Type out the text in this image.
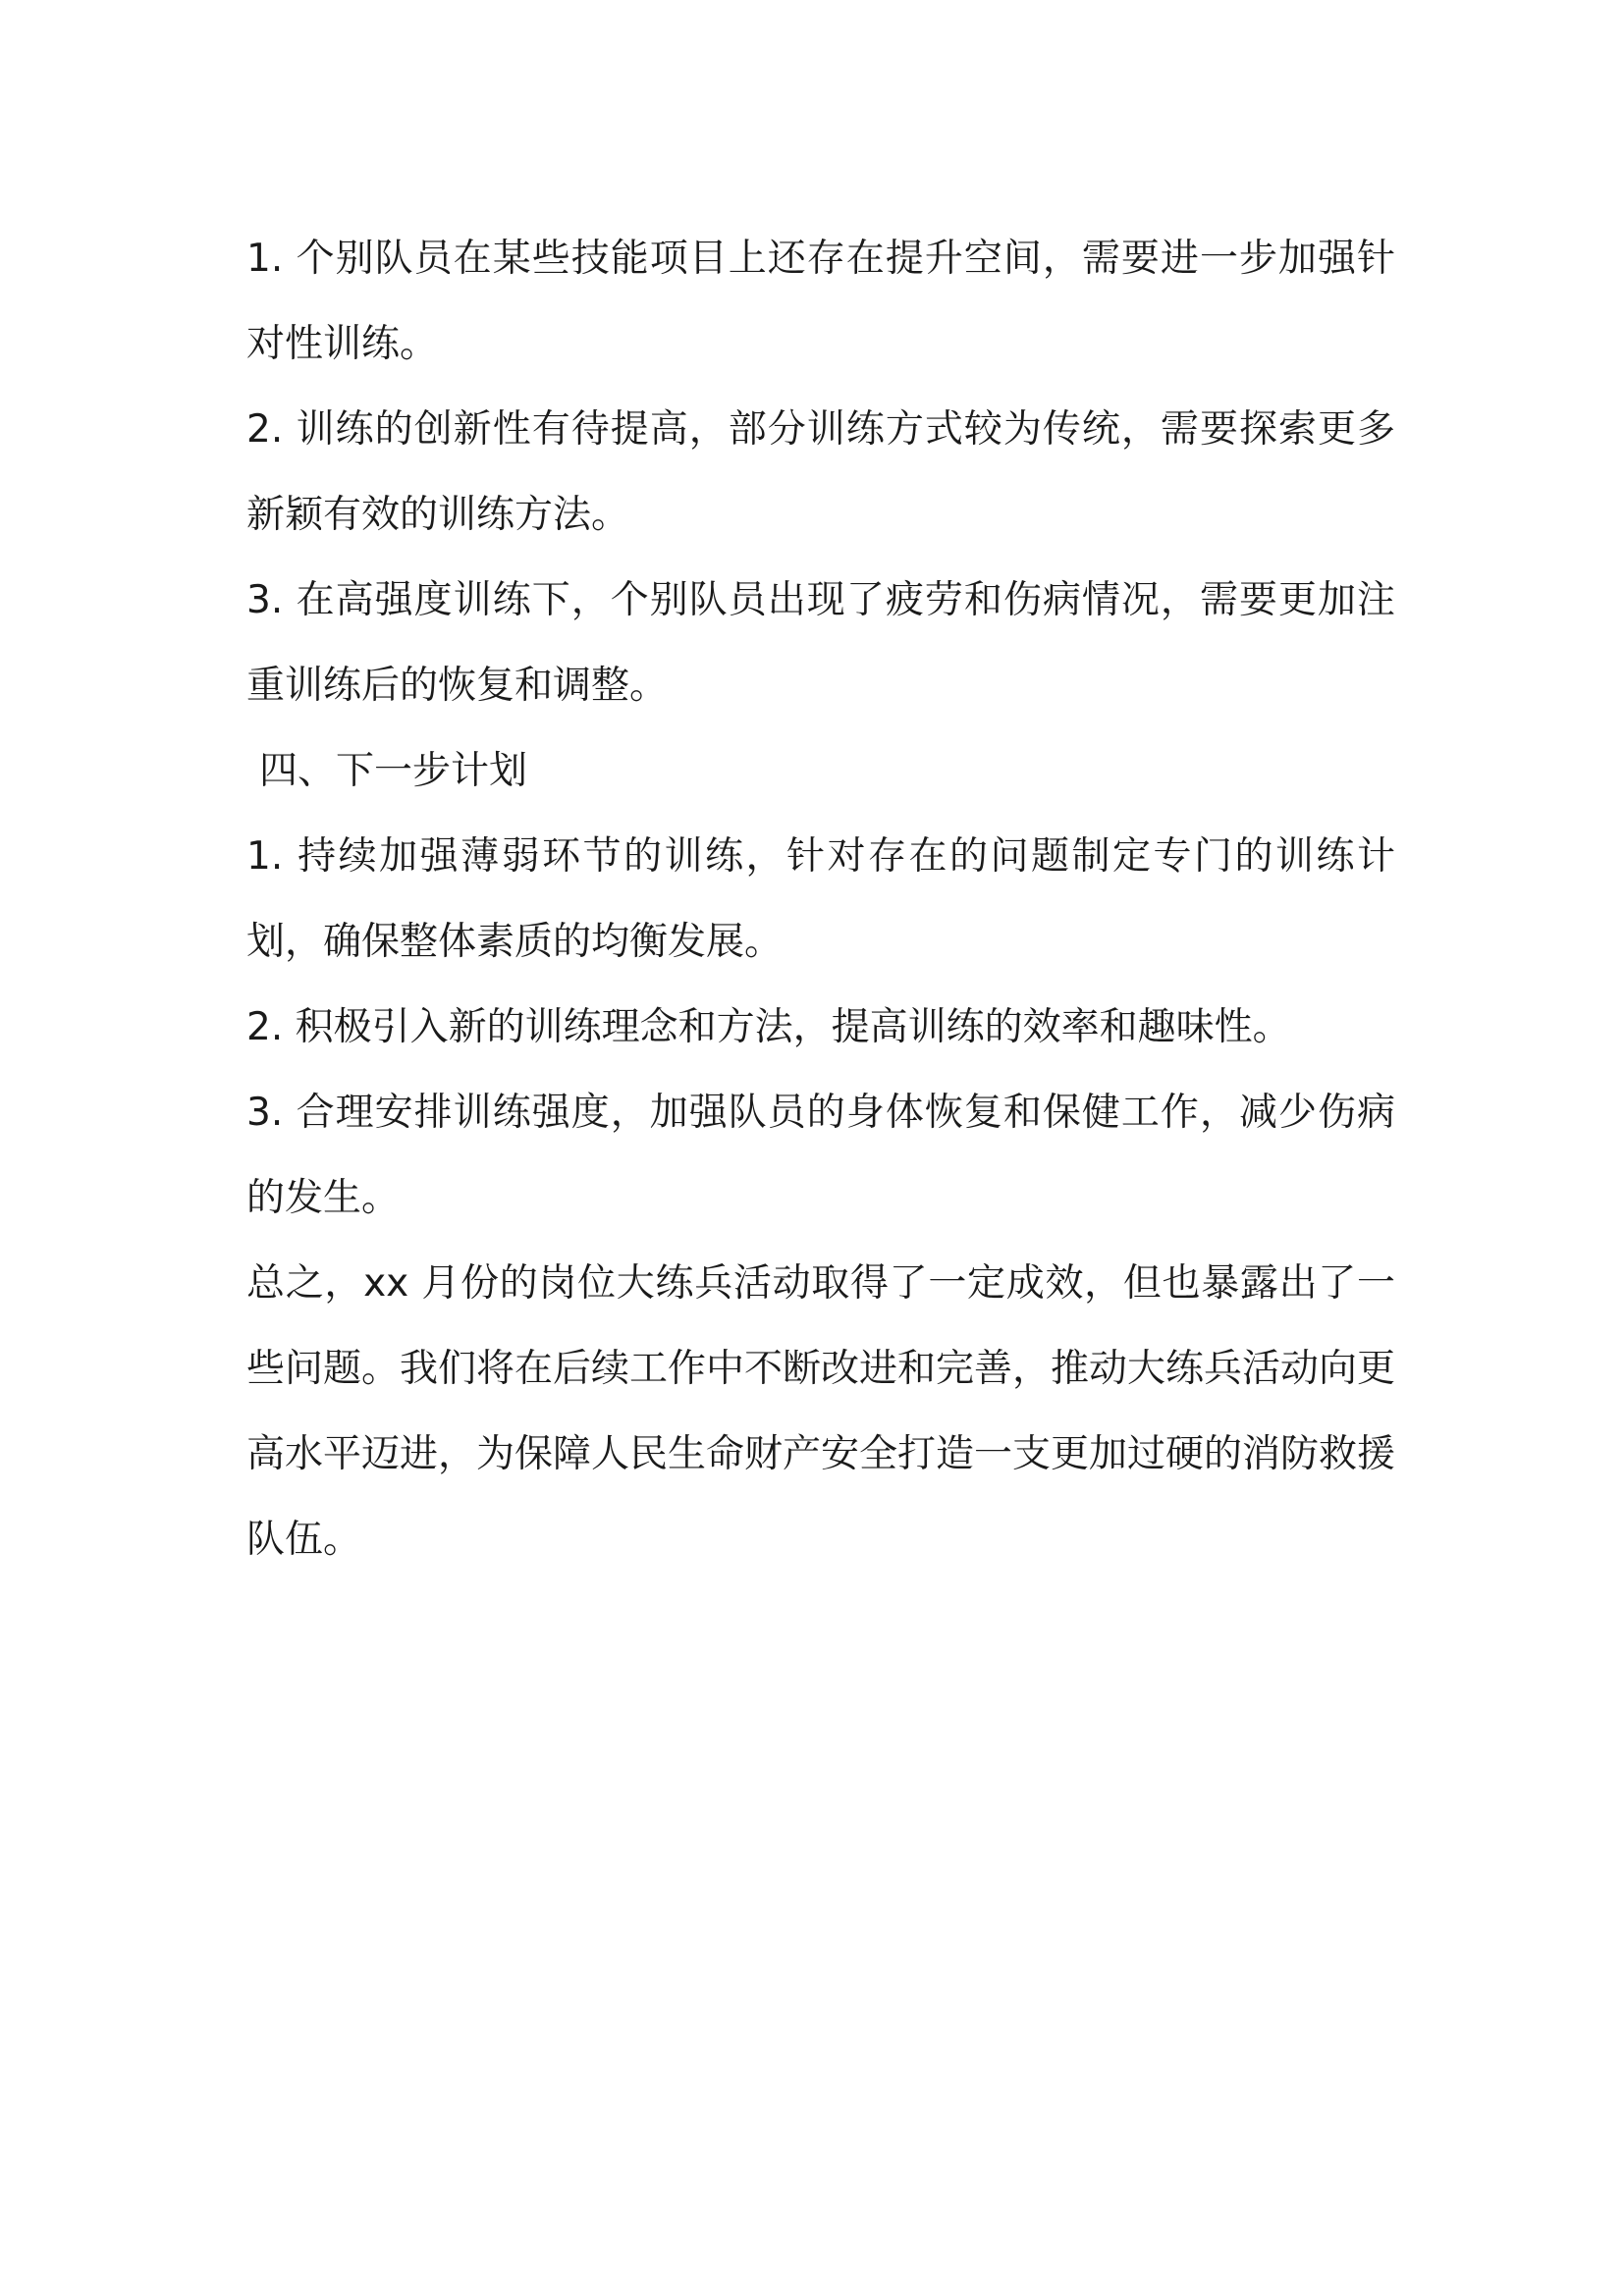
1. 个别队员在某些技能项目上还存在提升空间，需要进一步加强针对性训练。

2. 训练的创新性有待提高，部分训练方式较为传统，需要探索更多新颖有效的训练方法。

3. 在高强度训练下，个别队员出现了疲劳和伤病情况，需要更加注重训练后的恢复和调整。

四、下一步计划

1. 持续加强薄弱环节的训练，针对存在的问题制定专门的训练计划，确保整体素质的均衡发展。

2. 积极引入新的训练理念和方法，提高训练的效率和趣味性。

3. 合理安排训练强度，加强队员的身体恢复和保健工作，减少伤病的发生。

总之，xx 月份的岗位大练兵活动取得了一定成效，但也暴露出了一些问题。我们将在后续工作中不断改进和完善，推动大练兵活动向更高水平迈进，为保障人民生命财产安全打造一支更加过硬的消防救援队伍。
